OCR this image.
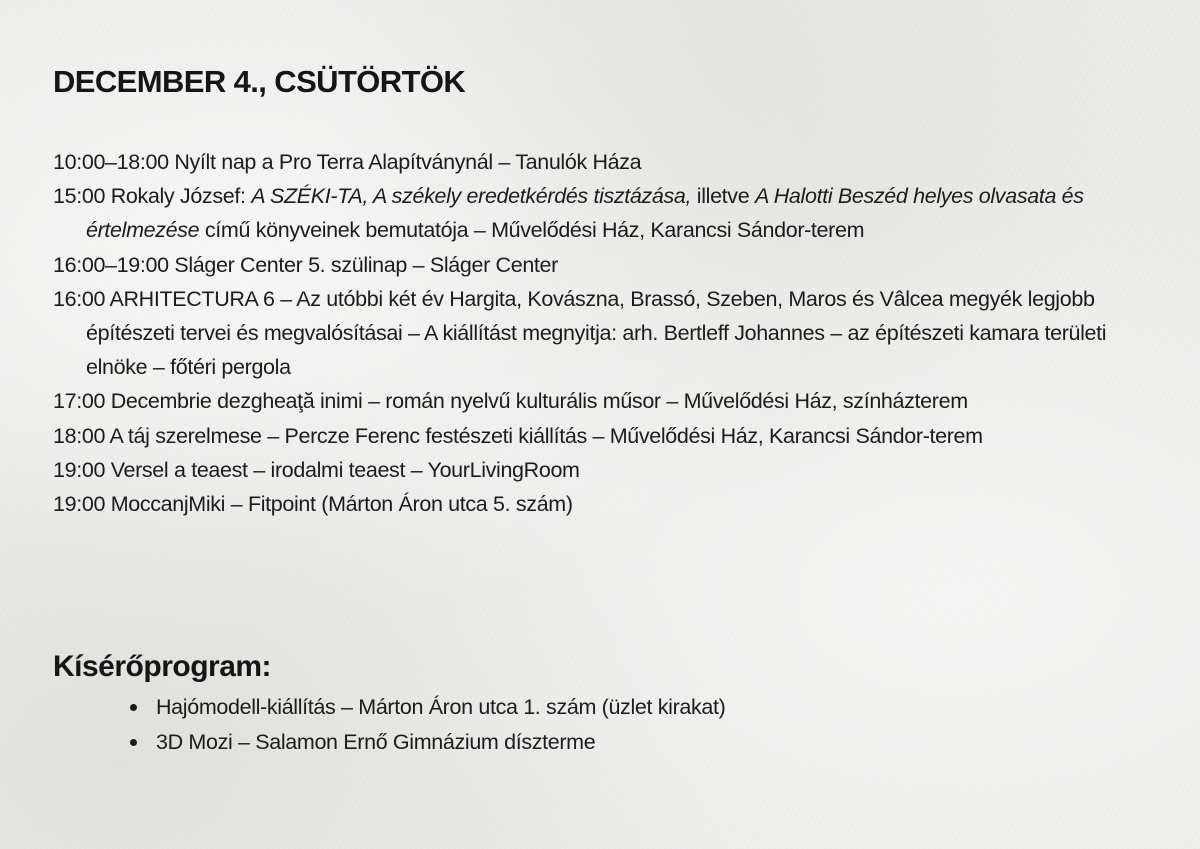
DECEMBER 4., CSÜTÖRTÖK
10:00–18:00 Nyílt nap a Pro Terra Alapítványnál – Tanulók Háza
15:00 Rokaly József: A SZÉKI-TA, A székely eredetkérdés tisztázása, illetve A Halotti Beszéd helyes olvasata és értelmezése című könyveinek bemutatója – Művelődési Ház, Karancsi Sándor-terem
16:00–19:00 Sláger Center 5. szülinap – Sláger Center
16:00 ARHITECTURA 6 – Az utóbbi két év Hargita, Kovászna, Brassó, Szeben, Maros és Vâlcea megyék legjobb építészeti tervei és megvalósításai – A kiállítást megnyitja: arh. Bertleff Johannes – az építészeti kamara területi elnöke – főtéri pergola
17:00 Decembrie dezgheaţă inimi – román nyelvű kulturális műsor – Művelődési Ház, színházterem
18:00 A táj szerelmese – Percze Ferenc festészeti kiállítás – Művelődési Ház, Karancsi Sándor-terem
19:00 Versel a teaest – irodalmi teaest – YourLivingRoom
19:00 MoccanjMiki – Fitpoint (Márton Áron utca 5. szám)
Kísérőprogram:
Hajómodell-kiállítás – Márton Áron utca 1. szám (üzlet kirakat)
3D Mozi – Salamon Ernő Gimnázium díszterme
